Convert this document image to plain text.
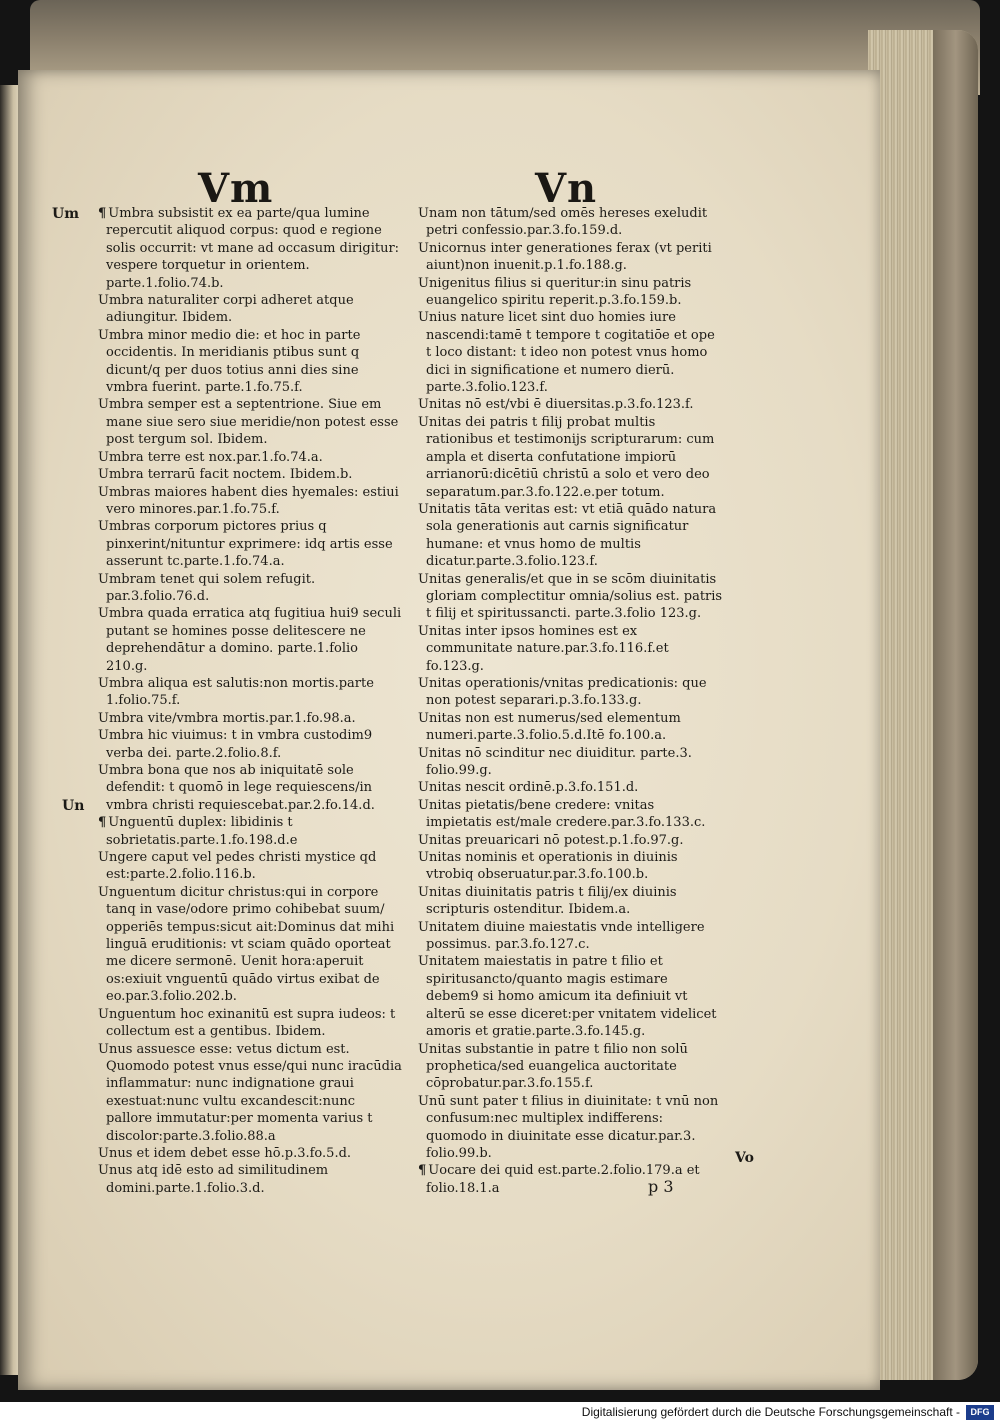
Vm	Vn
Um
Un
Vo

¶ Umbra subsistit ex ea parte/qua lumine repercutit aliquod corpus: quod e regione solis occurrit: vt mane ad occasum dirigitur: vespere torquetur in orientem. parte.1.folio.74.b.

Umbra naturaliter corpi adheret atque adiungitur. Ibidem.

Umbra minor medio die: et hoc in parte occidentis. In meridianis ptibus sunt q dicunt/q per duos totius anni dies sine vmbra fuerint. parte.1.fo.75.f.

Umbra semper est a septentrione. Siue em mane siue sero siue meridie/non potest esse post tergum sol. Ibidem.

Umbra terre est nox.par.1.fo.74.a.

Umbra terrarū facit noctem. Ibidem.b.

Umbras maiores habent dies hyemales: estiui vero minores.par.1.fo.75.f.

Umbras corporum pictores prius q pinxerint/nituntur exprimere: idq artis esse asserunt tc.parte.1.fo.74.a.

Umbram tenet qui solem refugit. par.3.folio.76.d.

Umbra quada erratica atq fugitiua hui9 seculi putant se homines posse delitescere ne deprehendātur a domino. parte.1.folio 210.g.

Umbra aliqua est salutis:non mortis.parte 1.folio.75.f.

Umbra vite/vmbra mortis.par.1.fo.98.a.

Umbra hic viuimus: t in vmbra custodim9 verba dei. parte.2.folio.8.f.

Umbra bona que nos ab iniquitatē sole defendit: t quomō in lege requiescens/in vmbra christi requiescebat.par.2.fo.14.d.

¶ Unguentū duplex: libidinis t sobrietatis.parte.1.fo.198.d.e

Ungere caput vel pedes christi mystice qd est:parte.2.folio.116.b.

Unguentum dicitur christus:qui in corpore tanq in vase/odore primo cohibebat suum/ opperiēs tempus:sicut ait:Dominus dat mihi linguā eruditionis: vt sciam quādo oporteat me dicere sermonē. Uenit hora:aperuit os:exiuit vnguentū quādo virtus exibat de eo.par.3.folio.202.b.

Unguentum hoc exinanitū est supra iudeos: t collectum est a gentibus. Ibidem.

Unus assuesce esse: vetus dictum est. Quomodo potest vnus esse/qui nunc iracūdia inflammatur: nunc indignatione graui exestuat:nunc vultu excandescit:nunc pallore immutatur:per momenta varius t discolor:parte.3.folio.88.a

Unus et idem debet esse hō.p.3.fo.5.d.

Unus atq idē esto ad similitudinem domini.parte.1.folio.3.d.

Unam non tātum/sed omēs hereses exeludit petri confessio.par.3.fo.159.d.

Unicornus inter generationes ferax (vt periti aiunt)non inuenit.p.1.fo.188.g.

Unigenitus filius si queritur:in sinu patris euangelico spiritu reperit.p.3.fo.159.b.

Unius nature licet sint duo homies iure nascendi:tamē t tempore t cogitatiōe et ope t loco distant: t ideo non potest vnus homo dici in significatione et numero dierū. parte.3.folio.123.f.

Unitas nō est/vbi ē diuersitas.p.3.fo.123.f.

Unitas dei patris t filij probat multis rationibus et testimonijs scripturarum: cum ampla et diserta confutatione impiorū arrianorū:dicētiū christū a solo et vero deo separatum.par.3.fo.122.e.per totum.

Unitatis tāta veritas est: vt etiā quādo natura sola generationis aut carnis significatur humane: et vnus homo de multis dicatur.parte.3.folio.123.f.

Unitas generalis/et que in se scōm diuinitatis gloriam complectitur omnia/solius est. patris t filij et spiritussancti. parte.3.folio 123.g.

Unitas inter ipsos homines est ex communitate nature.par.3.fo.116.f.et fo.123.g.

Unitas operationis/vnitas predicationis: que non potest separari.p.3.fo.133.g.

Unitas non est numerus/sed elementum numeri.parte.3.folio.5.d.Itē fo.100.a.

Unitas nō scinditur nec diuiditur. parte.3. folio.99.g.

Unitas nescit ordinē.p.3.fo.151.d.

Unitas pietatis/bene credere: vnitas impietatis est/male credere.par.3.fo.133.c.

Unitas preuaricari nō potest.p.1.fo.97.g.

Unitas nominis et operationis in diuinis vtrobiq obseruatur.par.3.fo.100.b.

Unitas diuinitatis patris t filij/ex diuinis scripturis ostenditur. Ibidem.a.

Unitatem diuine maiestatis vnde intelligere possimus. par.3.fo.127.c.

Unitatem maiestatis in patre t filio et spiritusancto/quanto magis estimare debem9 si homo amicum ita definiuit vt alterū se esse diceret:per vnitatem videlicet amoris et gratie.parte.3.fo.145.g.

Unitas substantie in patre t filio non solū prophetica/sed euangelica auctoritate cōprobatur.par.3.fo.155.f.

Unū sunt pater t filius in diuinitate: t vnū non confusum:nec multiplex indifferens: quomodo in diuinitate esse dicatur.par.3. folio.99.b.

¶ Uocare dei quid est.parte.2.folio.179.a et folio.18.1.a	p 3
Digitalisierung gefördert durch die Deutsche Forschungsgemeinschaft -	DFG
